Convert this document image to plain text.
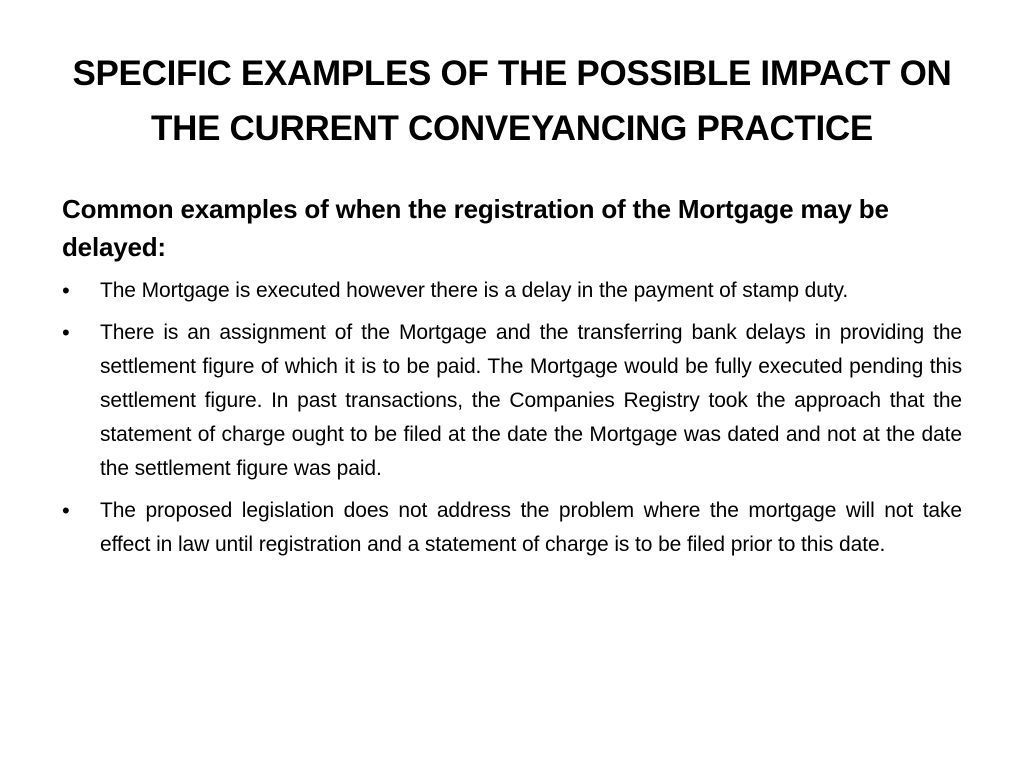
SPECIFIC EXAMPLES OF THE POSSIBLE IMPACT ON THE CURRENT CONVEYANCING PRACTICE

Common examples of when the registration of the Mortgage may be delayed:

• The Mortgage is executed however there is a delay in the payment of stamp duty.
• There is an assignment of the Mortgage and the transferring bank delays in providing the settlement figure of which it is to be paid. The Mortgage would be fully executed pending this settlement figure. In past transactions, the Companies Registry took the approach that the statement of charge ought to be filed at the date the Mortgage was dated and not at the date the settlement figure was paid.
• The proposed legislation does not address the problem where the mortgage will not take effect in law until registration and a statement of charge is to be filed prior to this date.
